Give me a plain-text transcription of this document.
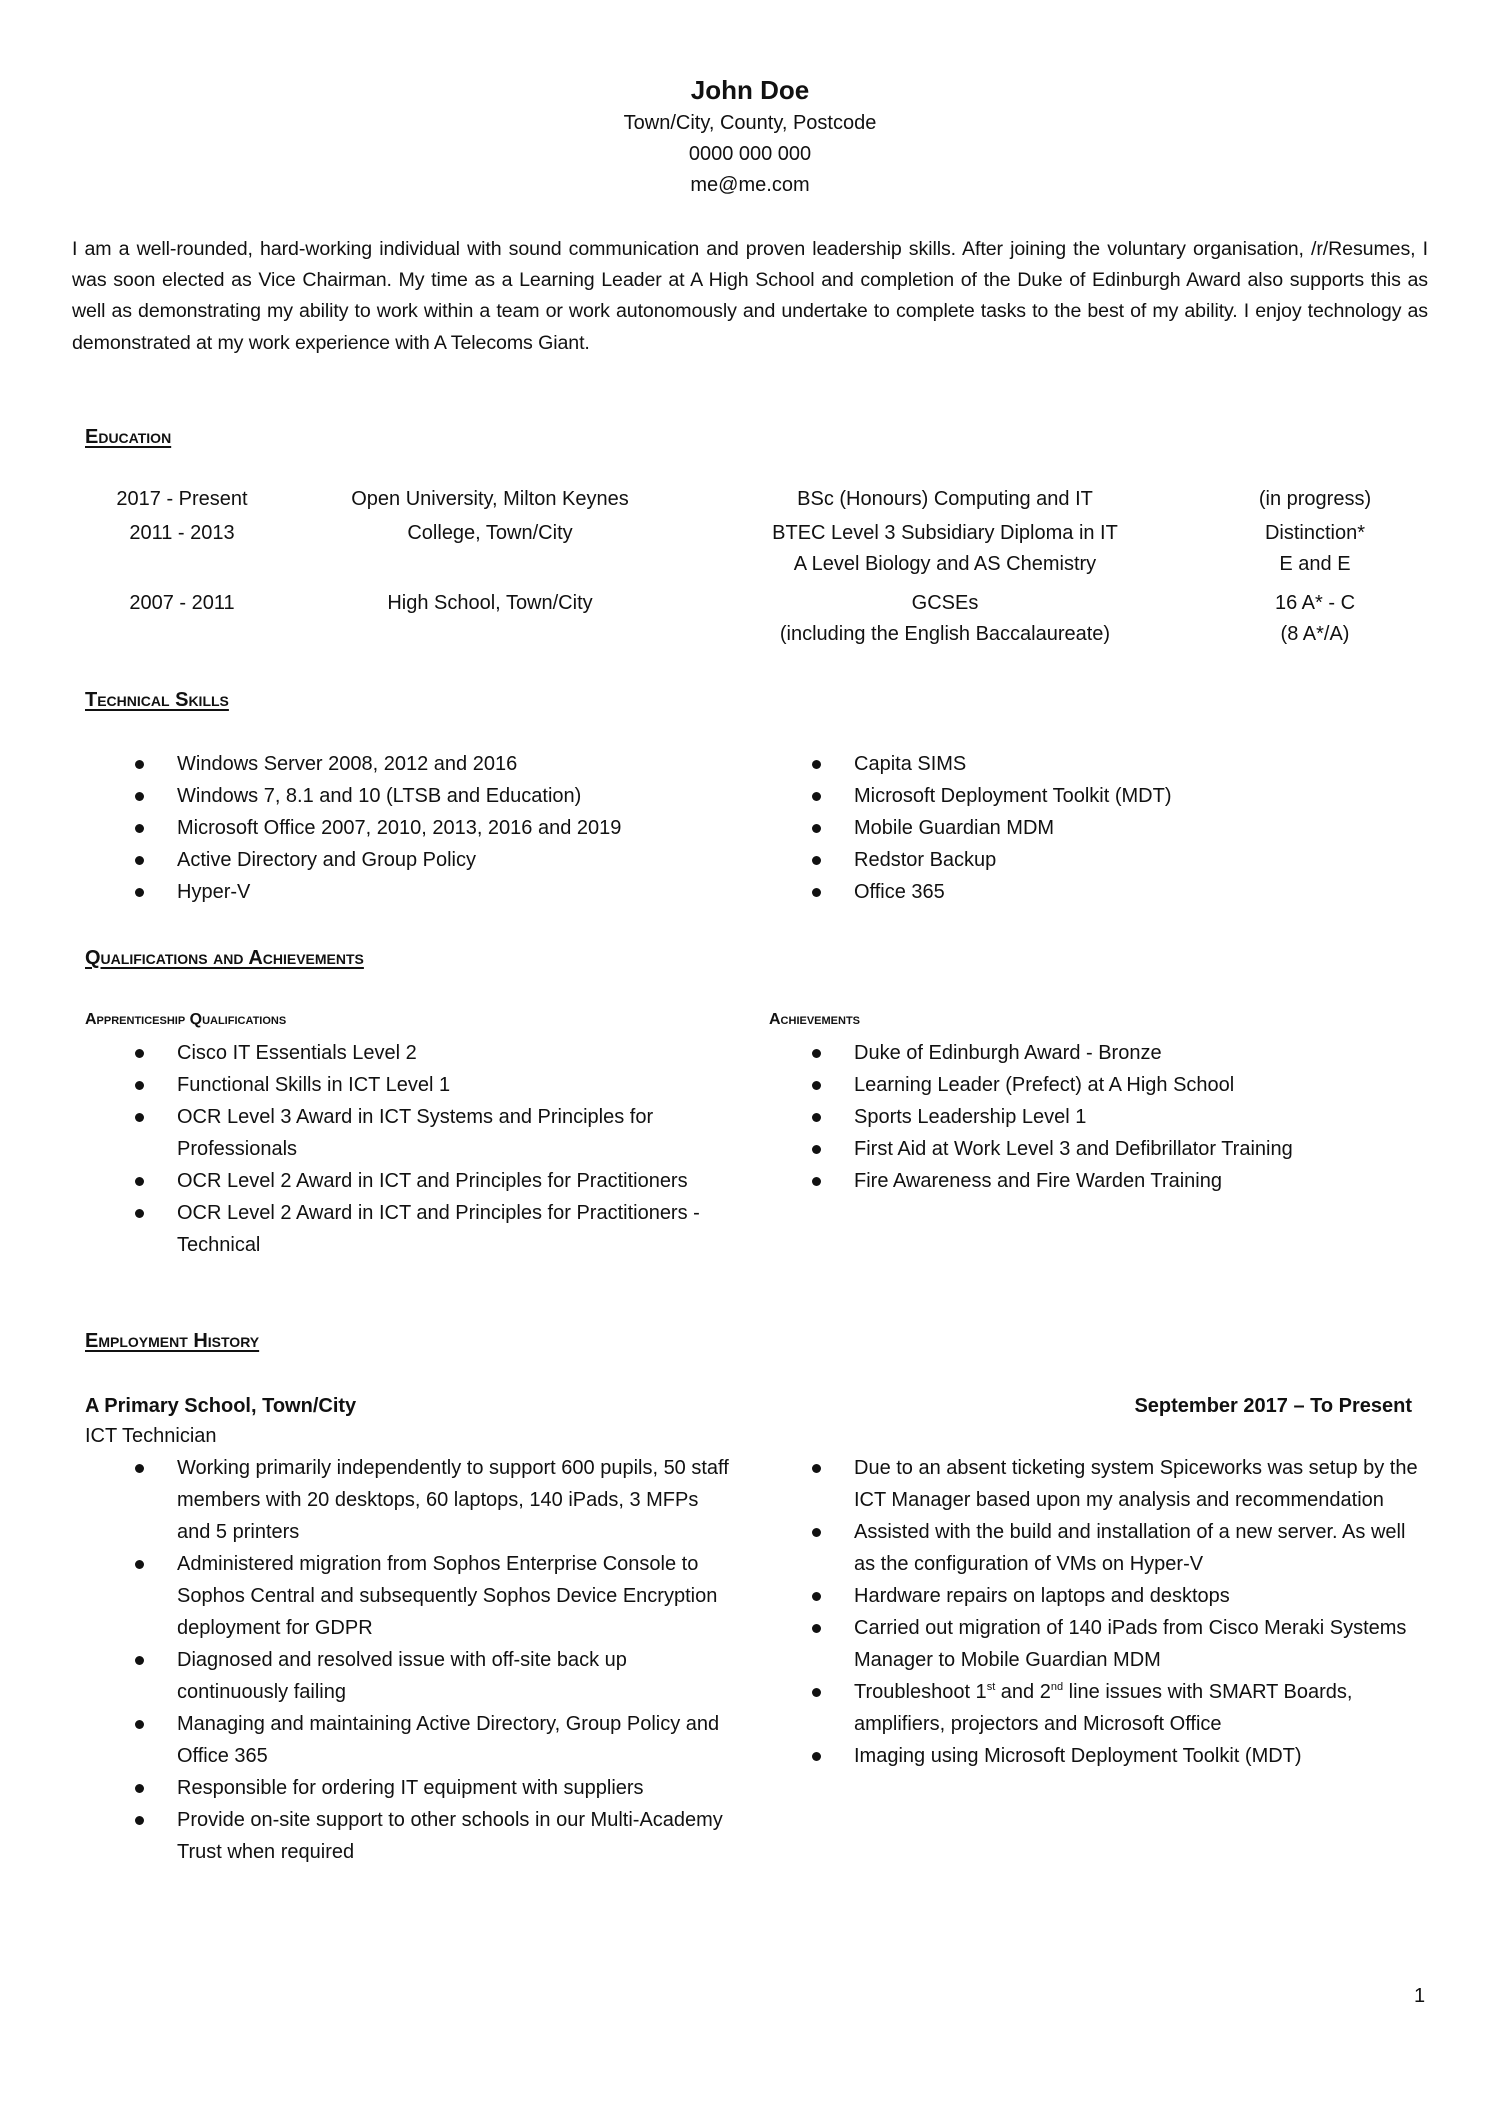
John Doe
Town/City, County, Postcode
0000 000 000
me@me.com
I am a well-rounded, hard-working individual with sound communication and proven leadership skills. After joining the voluntary organisation, /r/Resumes, I was soon elected as Vice Chairman. My time as a Learning Leader at A High School and completion of the Duke of Edinburgh Award also supports this as well as demonstrating my ability to work within a team or work autonomously and undertake to complete tasks to the best of my ability. I enjoy technology as demonstrated at my work experience with A Telecoms Giant.
Education
2017 - Present	Open University, Milton Keynes	BSc (Honours) Computing and IT	(in progress)
2011 - 2013	College, Town/City	BTEC Level 3 Subsidiary Diploma in IT	Distinction*
A Level Biology and AS Chemistry	E and E
2007 - 2011	High School, Town/City	GCSEs	16 A* - C
(including the English Baccalaureate)	(8 A*/A)
Technical Skills
Windows Server 2008, 2012 and 2016
Windows 7, 8.1 and 10 (LTSB and Education)
Microsoft Office 2007, 2010, 2013, 2016 and 2019
Active Directory and Group Policy
Hyper-V
Capita SIMS
Microsoft Deployment Toolkit (MDT)
Mobile Guardian MDM
Redstor Backup
Office 365
Qualifications and Achievements
Apprenticeship Qualifications	Achievements
Cisco IT Essentials Level 2
Functional Skills in ICT Level 1
OCR Level 3 Award in ICT Systems and Principles for Professionals
OCR Level 2 Award in ICT and Principles for Practitioners
OCR Level 2 Award in ICT and Principles for Practitioners - Technical
Duke of Edinburgh Award - Bronze
Learning Leader (Prefect) at A High School
Sports Leadership Level 1
First Aid at Work Level 3 and Defibrillator Training
Fire Awareness and Fire Warden Training
Employment History
A Primary School, Town/City	September 2017 – To Present
ICT Technician
Working primarily independently to support 600 pupils, 50 staff members with 20 desktops, 60 laptops, 140 iPads, 3 MFPs and 5 printers
Administered migration from Sophos Enterprise Console to Sophos Central and subsequently Sophos Device Encryption deployment for GDPR
Diagnosed and resolved issue with off-site back up continuously failing
Managing and maintaining Active Directory, Group Policy and Office 365
Responsible for ordering IT equipment with suppliers
Provide on-site support to other schools in our Multi-Academy Trust when required
Due to an absent ticketing system Spiceworks was setup by the ICT Manager based upon my analysis and recommendation
Assisted with the build and installation of a new server. As well as the configuration of VMs on Hyper-V
Hardware repairs on laptops and desktops
Carried out migration of 140 iPads from Cisco Meraki Systems Manager to Mobile Guardian MDM
Troubleshoot 1st and 2nd line issues with SMART Boards, amplifiers, projectors and Microsoft Office
Imaging using Microsoft Deployment Toolkit (MDT)
1
